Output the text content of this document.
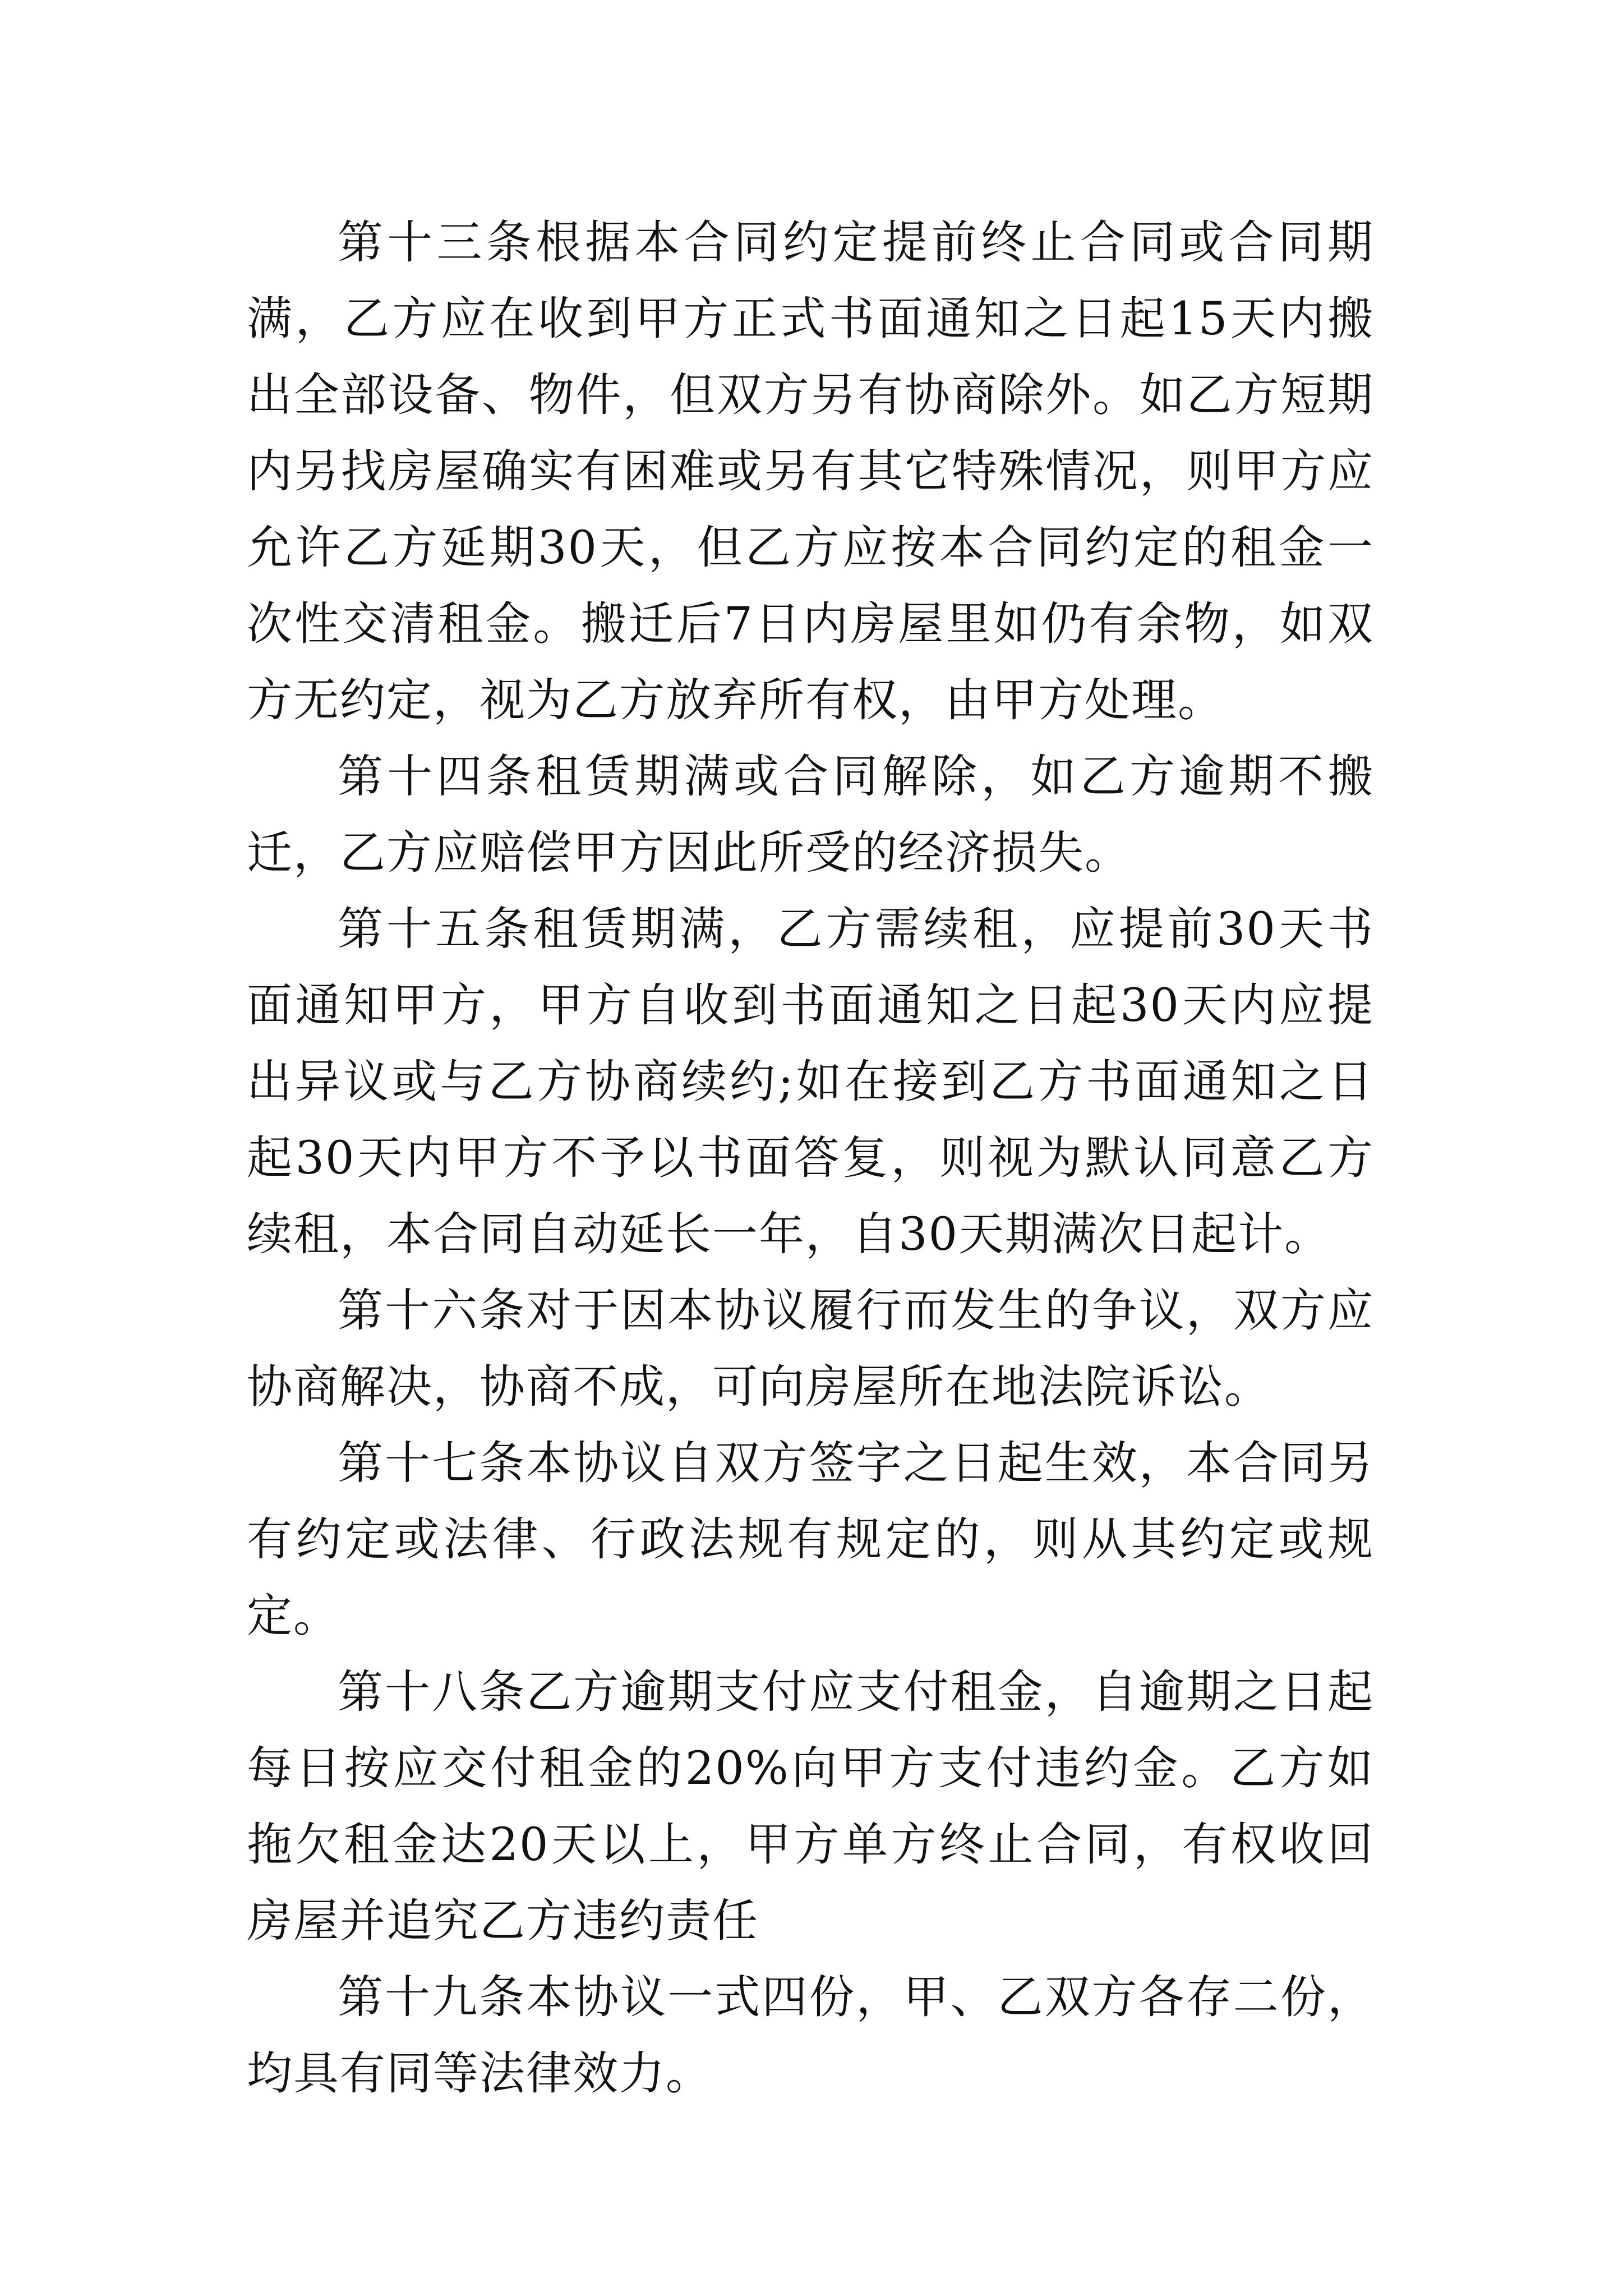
第十三条根据本合同约定提前终止合同或合同期满，乙方应在收到甲方正式书面通知之日起15天内搬出全部设备、物件，但双方另有协商除外。如乙方短期内另找房屋确实有困难或另有其它特殊情况，则甲方应允许乙方延期30天，但乙方应按本合同约定的租金一次性交清租金。搬迁后7日内房屋里如仍有余物，如双方无约定，视为乙方放弃所有权，由甲方处理。

第十四条租赁期满或合同解除，如乙方逾期不搬迁，乙方应赔偿甲方因此所受的经济损失。

第十五条租赁期满，乙方需续租，应提前30天书面通知甲方，甲方自收到书面通知之日起30天内应提出异议或与乙方协商续约;如在接到乙方书面通知之日起30天内甲方不予以书面答复，则视为默认同意乙方续租，本合同自动延长一年，自30天期满次日起计。

第十六条对于因本协议履行而发生的争议，双方应协商解决，协商不成，可向房屋所在地法院诉讼。

第十七条本协议自双方签字之日起生效，本合同另有约定或法律、行政法规有规定的，则从其约定或规定。

第十八条乙方逾期支付应支付租金，自逾期之日起每日按应交付租金的20%向甲方支付违约金。乙方如拖欠租金达20天以上，甲方单方终止合同，有权收回房屋并追究乙方违约责任

第十九条本协议一式四份，甲、乙双方各存二份，均具有同等法律效力。
